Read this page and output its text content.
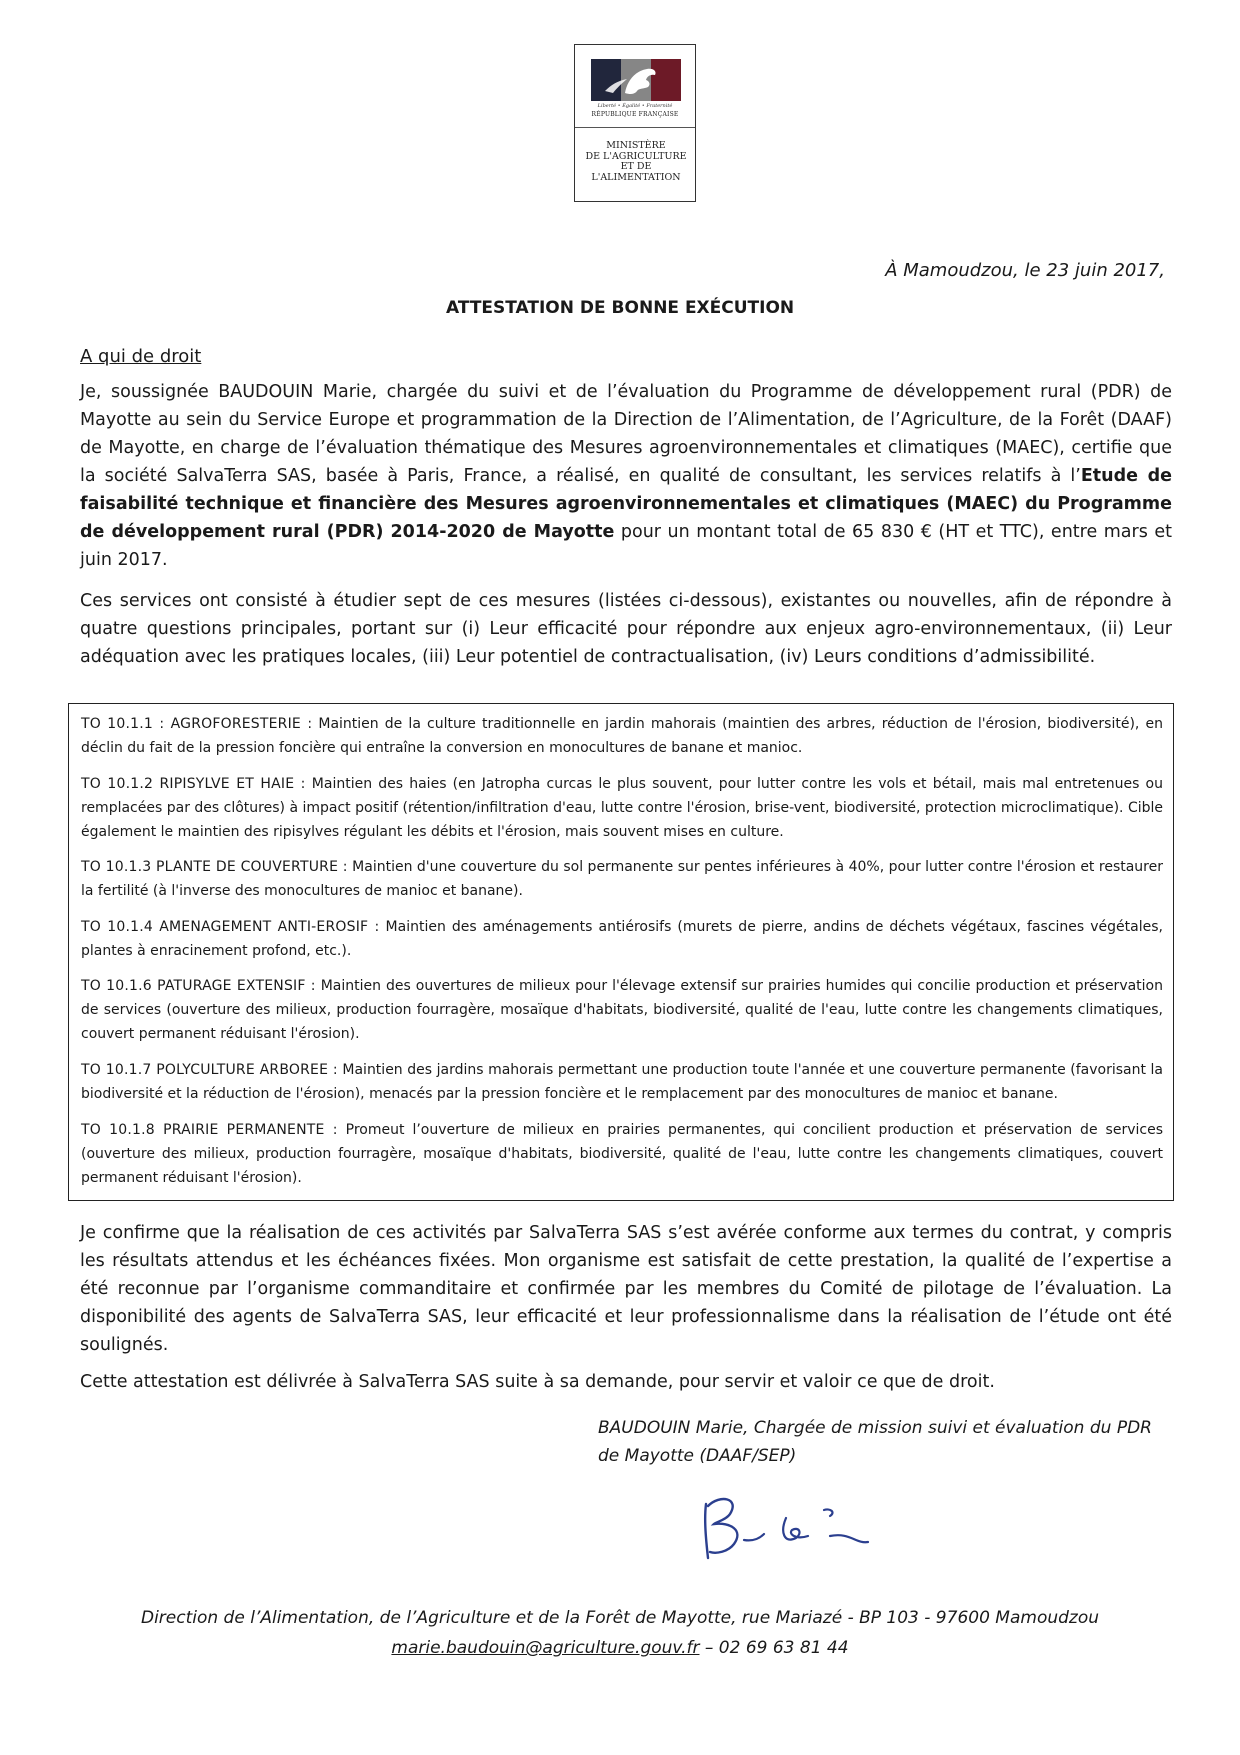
Liberté • Égalité • Fraternité
RÉPUBLIQUE FRANÇAISE
MINISTÈRE
DE L'AGRICULTURE
ET DE
L'ALIMENTATION
À Mamoudzou, le 23 juin 2017,
ATTESTATION DE BONNE EXÉCUTION
A qui de droit

Je, soussignée BAUDOUIN Marie, chargée du suivi et de l’évaluation du Programme de développement rural (PDR) de Mayotte au sein du Service Europe et programmation de la Direction de l’Alimentation, de l’Agriculture, de la Forêt (DAAF) de Mayotte, en charge de l’évaluation thématique des Mesures agroenvironnementales et climatiques (MAEC), certifie que la société SalvaTerra SAS, basée à Paris, France, a réalisé, en qualité de consultant, les services relatifs à l’Etude de faisabilité technique et financière des Mesures agroenvironnementales et climatiques (MAEC) du Programme de développement rural (PDR) 2014-2020 de Mayotte pour un montant total de 65 830 € (HT et TTC), entre mars et juin 2017.

Ces services ont consisté à étudier sept de ces mesures (listées ci-dessous), existantes ou nouvelles, afin de répondre à quatre questions principales, portant sur (i) Leur efficacité pour répondre aux enjeux agro-environnementaux, (ii) Leur adéquation avec les pratiques locales, (iii) Leur potentiel de contractualisation, (iv) Leurs conditions d’admissibilité.

TO 10.1.1 : AGROFORESTERIE : Maintien de la culture traditionnelle en jardin mahorais (maintien des arbres, réduction de l'érosion, biodiversité), en déclin du fait de la pression foncière qui entraîne la conversion en monocultures de banane et manioc.

TO 10.1.2 RIPISYLVE ET HAIE : Maintien des haies (en Jatropha curcas le plus souvent, pour lutter contre les vols et bétail, mais mal entretenues ou remplacées par des clôtures) à impact positif (rétention/infiltration d'eau, lutte contre l'érosion, brise-vent, biodiversité, protection microclimatique). Cible également le maintien des ripisylves régulant les débits et l'érosion, mais souvent mises en culture.

TO 10.1.3 PLANTE DE COUVERTURE : Maintien d'une couverture du sol permanente sur pentes inférieures à 40%, pour lutter contre l'érosion et restaurer la fertilité (à l'inverse des monocultures de manioc et banane).

TO 10.1.4 AMENAGEMENT ANTI-EROSIF : Maintien des aménagements antiérosifs (murets de pierre, andins de déchets végétaux, fascines végétales, plantes à enracinement profond, etc.).

TO 10.1.6 PATURAGE EXTENSIF : Maintien des ouvertures de milieux pour l'élevage extensif sur prairies humides qui concilie production et préservation de services (ouverture des milieux, production fourragère, mosaïque d'habitats, biodiversité, qualité de l'eau, lutte contre les changements climatiques, couvert permanent réduisant l'érosion).

TO 10.1.7 POLYCULTURE ARBOREE : Maintien des jardins mahorais permettant une production toute l'année et une couverture permanente (favorisant la biodiversité et la réduction de l'érosion), menacés par la pression foncière et le remplacement par des monocultures de manioc et banane.

TO 10.1.8 PRAIRIE PERMANENTE : Promeut l’ouverture de milieux en prairies permanentes, qui concilient production et préservation de services (ouverture des milieux, production fourragère, mosaïque d'habitats, biodiversité, qualité de l'eau, lutte contre les changements climatiques, couvert permanent réduisant l'érosion).

Je confirme que la réalisation de ces activités par SalvaTerra SAS s’est avérée conforme aux termes du contrat, y compris les résultats attendus et les échéances fixées. Mon organisme est satisfait de cette prestation, la qualité de l’expertise a été reconnue par l’organisme commanditaire et confirmée par les membres du Comité de pilotage de l’évaluation. La disponibilité des agents de SalvaTerra SAS, leur efficacité et leur professionnalisme dans la réalisation de l’étude ont été soulignés.

Cette attestation est délivrée à SalvaTerra SAS suite à sa demande, pour servir et valoir ce que de droit.

BAUDOUIN Marie, Chargée de mission suivi et évaluation du PDR de Mayotte (DAAF/SEP)

Direction de l’Alimentation, de l’Agriculture et de la Forêt de Mayotte, rue Mariazé - BP 103 - 97600 Mamoudzou
marie.baudouin@agriculture.gouv.fr – 02 69 63 81 44
